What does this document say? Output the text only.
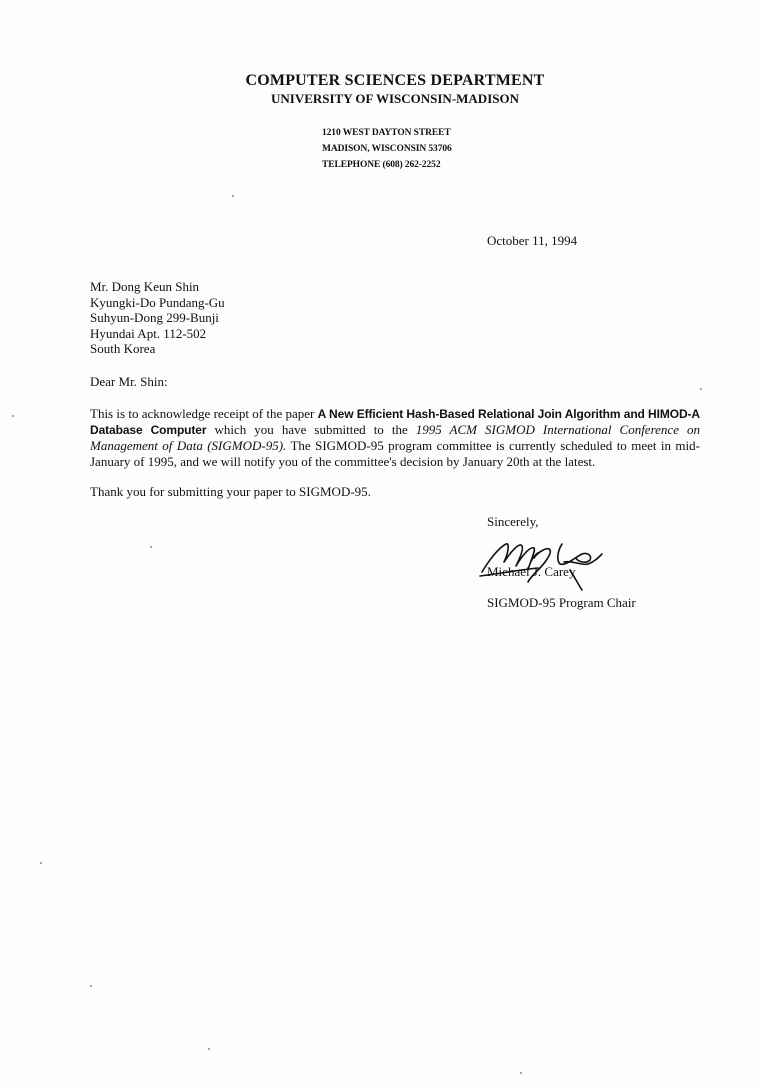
COMPUTER SCIENCES DEPARTMENT
UNIVERSITY OF WISCONSIN-MADISON
1210 WEST DAYTON STREET
MADISON, WISCONSIN 53706
TELEPHONE (608) 262-2252
October 11, 1994
Mr. Dong Keun Shin
Kyungki-Do Pundang-Gu
Suhyun-Dong 299-Bunji
Hyundai Apt. 112-502
South Korea
Dear Mr. Shin:
This is to acknowledge receipt of the paper A New Efficient Hash-Based Relational Join Algorithm and HIMOD-A Database Computer which you have submitted to the 1995 ACM SIGMOD International Conference on Management of Data (SIGMOD-95). The SIGMOD-95 program committee is currently scheduled to meet in mid-January of 1995, and we will notify you of the committee's decision by January 20th at the latest.
Thank you for submitting your paper to SIGMOD-95.
Sincerely,
Michael J. Carey
SIGMOD-95 Program Chair
